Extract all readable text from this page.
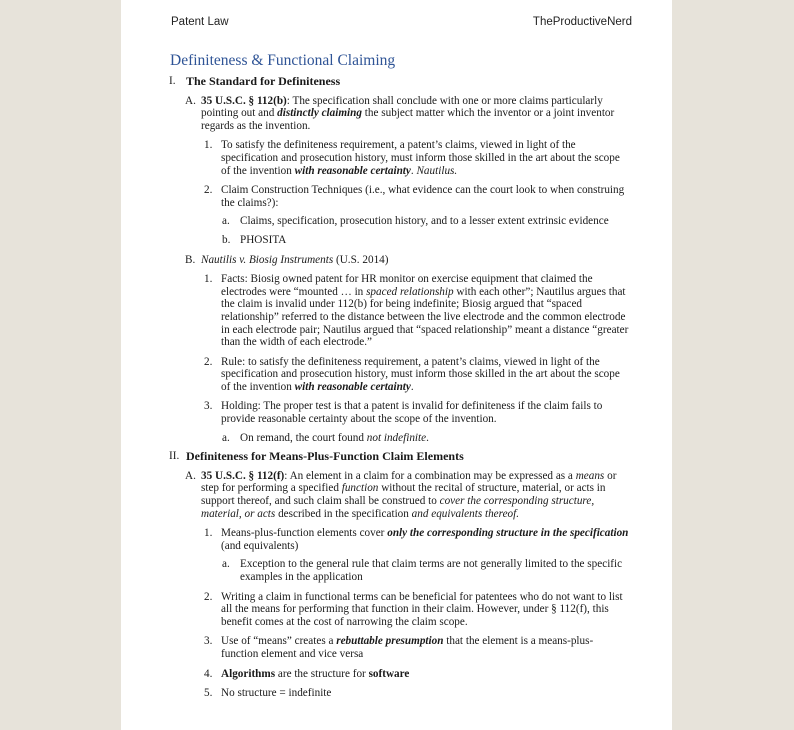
Patent Law	TheProductiveNerd
Definiteness & Functional Claiming
I. The Standard for Definiteness
A. 35 U.S.C. § 112(b): The specification shall conclude with one or more claims particularly pointing out and distinctly claiming the subject matter which the inventor or a joint inventor regards as the invention.
1. To satisfy the definiteness requirement, a patent’s claims, viewed in light of the specification and prosecution history, must inform those skilled in the art about the scope of the invention with reasonable certainty. Nautilus.
2. Claim Construction Techniques (i.e., what evidence can the court look to when construing the claims?):
a. Claims, specification, prosecution history, and to a lesser extent extrinsic evidence
b. PHOSITA
B. Nautilis v. Biosig Instruments (U.S. 2014)
1. Facts: Biosig owned patent for HR monitor on exercise equipment that claimed the electrodes were “mounted … in spaced relationship with each other”; Nautilus argues that the claim is invalid under 112(b) for being indefinite; Biosig argued that “spaced relationship” referred to the distance between the live electrode and the common electrode in each electrode pair; Nautilus argued that “spaced relationship” meant a distance “greater than the width of each electrode.”
2. Rule: to satisfy the definiteness requirement, a patent’s claims, viewed in light of the specification and prosecution history, must inform those skilled in the art about the scope of the invention with reasonable certainty.
3. Holding: The proper test is that a patent is invalid for definiteness if the claim fails to provide reasonable certainty about the scope of the invention.
a. On remand, the court found not indefinite.
II. Definiteness for Means-Plus-Function Claim Elements
A. 35 U.S.C. § 112(f): An element in a claim for a combination may be expressed as a means or step for performing a specified function without the recital of structure, material, or acts in support thereof, and such claim shall be construed to cover the corresponding structure, material, or acts described in the specification and equivalents thereof.
1. Means-plus-function elements cover only the corresponding structure in the specification (and equivalents)
a. Exception to the general rule that claim terms are not generally limited to the specific examples in the application
2. Writing a claim in functional terms can be beneficial for patentees who do not want to list all the means for performing that function in their claim. However, under § 112(f), this benefit comes at the cost of narrowing the claim scope.
3. Use of “means” creates a rebuttable presumption that the element is a means-plus-function element and vice versa
4. Algorithms are the structure for software
5. No structure = indefinite
